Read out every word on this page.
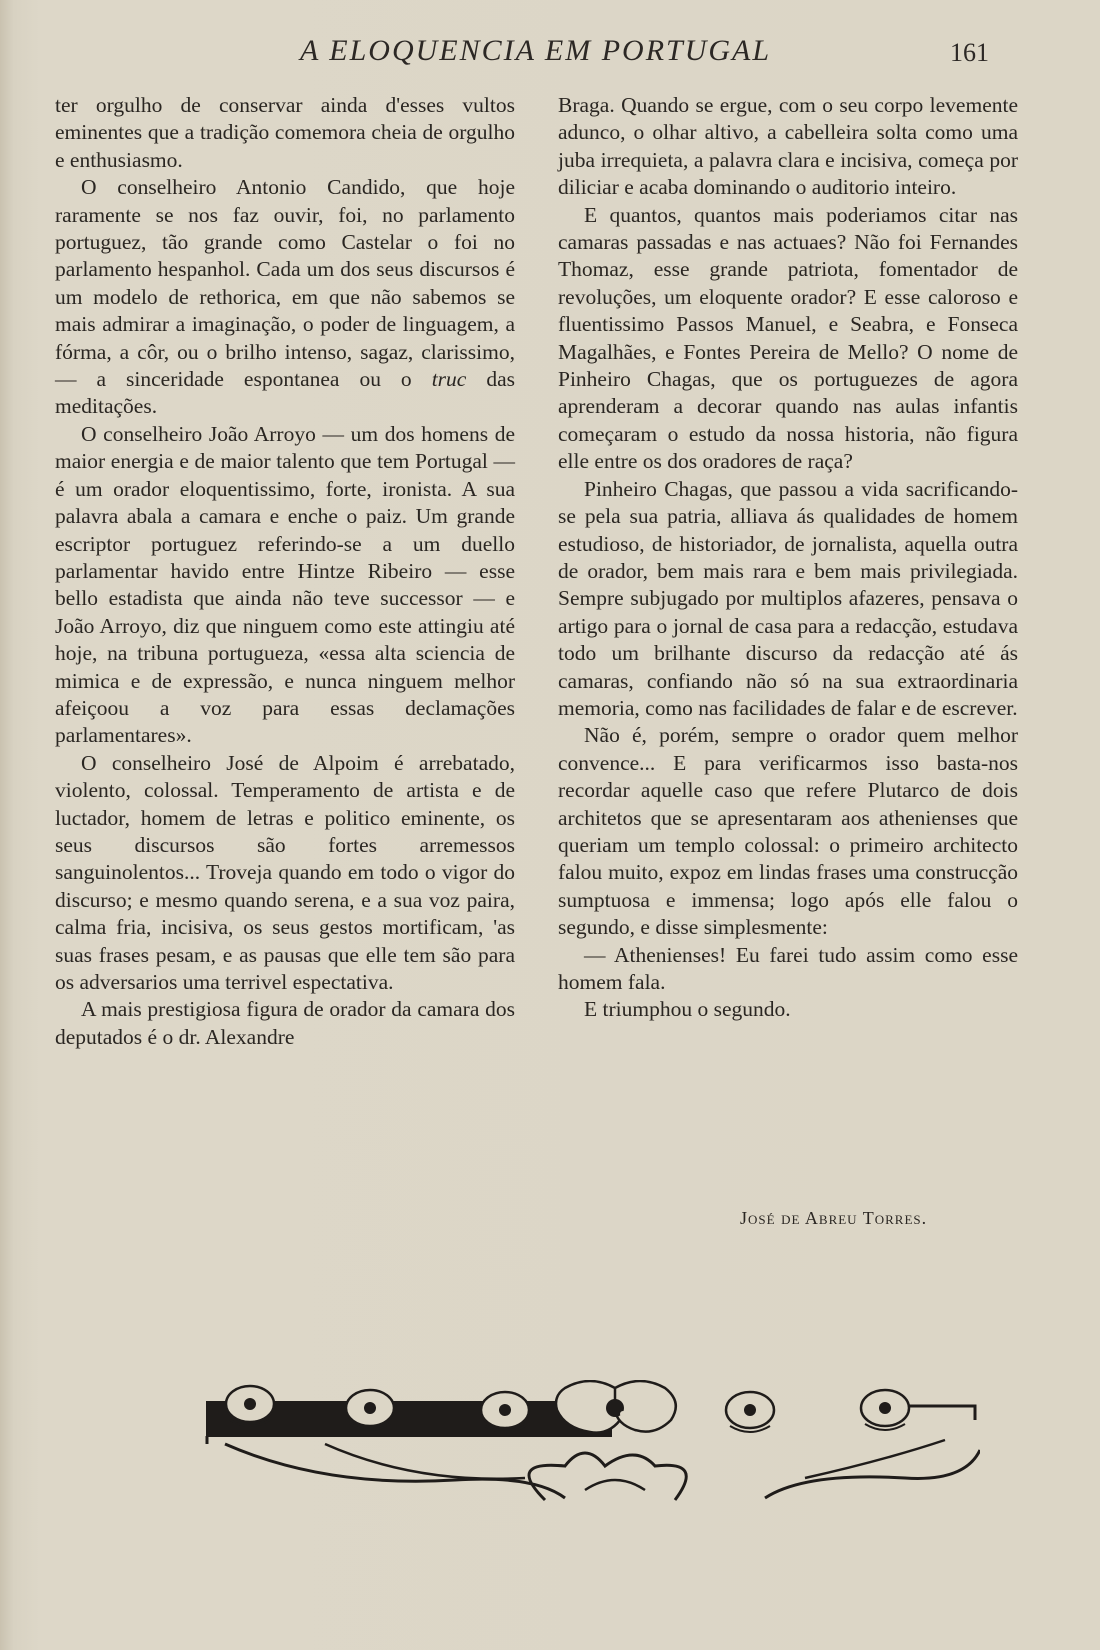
A ELOQUENCIA EM PORTUGAL	161

ter orgulho de conservar ainda d'esses vultos eminentes que a tradição comemora cheia de orgulho e enthusiasmo.

O conselheiro Antonio Candido, que hoje raramente se nos faz ouvir, foi, no parlamento portuguez, tão grande como Castelar o foi no parlamento hespanhol. Cada um dos seus discursos é um modelo de rethorica, em que não sabemos se mais admirar a imaginação, o poder de linguagem, a fórma, a côr, ou o brilho intenso, sagaz, clarissimo, — a sinceridade espontanea ou o truc das meditações.

O conselheiro João Arroyo — um dos homens de maior energia e de maior talento que tem Portugal — é um orador eloquentissimo, forte, ironista. A sua palavra abala a camara e enche o paiz. Um grande escriptor portuguez referindo-se a um duello parlamentar havido entre Hintze Ribeiro — esse bello estadista que ainda não teve successor — e João Arroyo, diz que ninguem como este attingiu até hoje, na tribuna portugueza, «essa alta sciencia de mimica e de expressão, e nunca ninguem melhor afeiçoou a voz para essas declamações parlamentares».

O conselheiro José de Alpoim é arrebatado, violento, colossal. Temperamento de artista e de luctador, homem de letras e politico eminente, os seus discursos são fortes arremessos sanguinolentos... Troveja quando em todo o vigor do discurso; e mesmo quando serena, e a sua voz paira, calma fria, incisiva, os seus gestos mortificam, 'as suas frases pesam, e as pausas que elle tem são para os adversarios uma terrivel espectativa.

A mais prestigiosa figura de orador da camara dos deputados é o dr. Alexandre

Braga. Quando se ergue, com o seu corpo levemente adunco, o olhar altivo, a cabelleira solta como uma juba irrequieta, a palavra clara e incisiva, começa por diliciar e acaba dominando o auditorio inteiro.

E quantos, quantos mais poderiamos citar nas camaras passadas e nas actuaes? Não foi Fernandes Thomaz, esse grande patriota, fomentador de revoluções, um eloquente orador? E esse caloroso e fluentissimo Passos Manuel, e Seabra, e Fonseca Magalhães, e Fontes Pereira de Mello? O nome de Pinheiro Chagas, que os portuguezes de agora aprenderam a decorar quando nas aulas infantis começaram o estudo da nossa historia, não figura elle entre os dos oradores de raça?

Pinheiro Chagas, que passou a vida sacrificando-se pela sua patria, alliava ás qualidades de homem estudioso, de historiador, de jornalista, aquella outra de orador, bem mais rara e bem mais privilegiada. Sempre subjugado por multiplos afazeres, pensava o artigo para o jornal de casa para a redacção, estudava todo um brilhante discurso da redacção até ás camaras, confiando não só na sua extraordinaria memoria, como nas facilidades de falar e de escrever.

Não é, porém, sempre o orador quem melhor convence... E para verificarmos isso basta-nos recordar aquelle caso que refere Plutarco de dois architetos que se apresentaram aos athenienses que queriam um templo colossal: o primeiro architecto falou muito, expoz em lindas frases uma construcção sumptuosa e immensa; logo após elle falou o segundo, e disse simplesmente:

— Athenienses! Eu farei tudo assim como esse homem fala.

E triumphou o segundo.

José de Abreu Torres.
